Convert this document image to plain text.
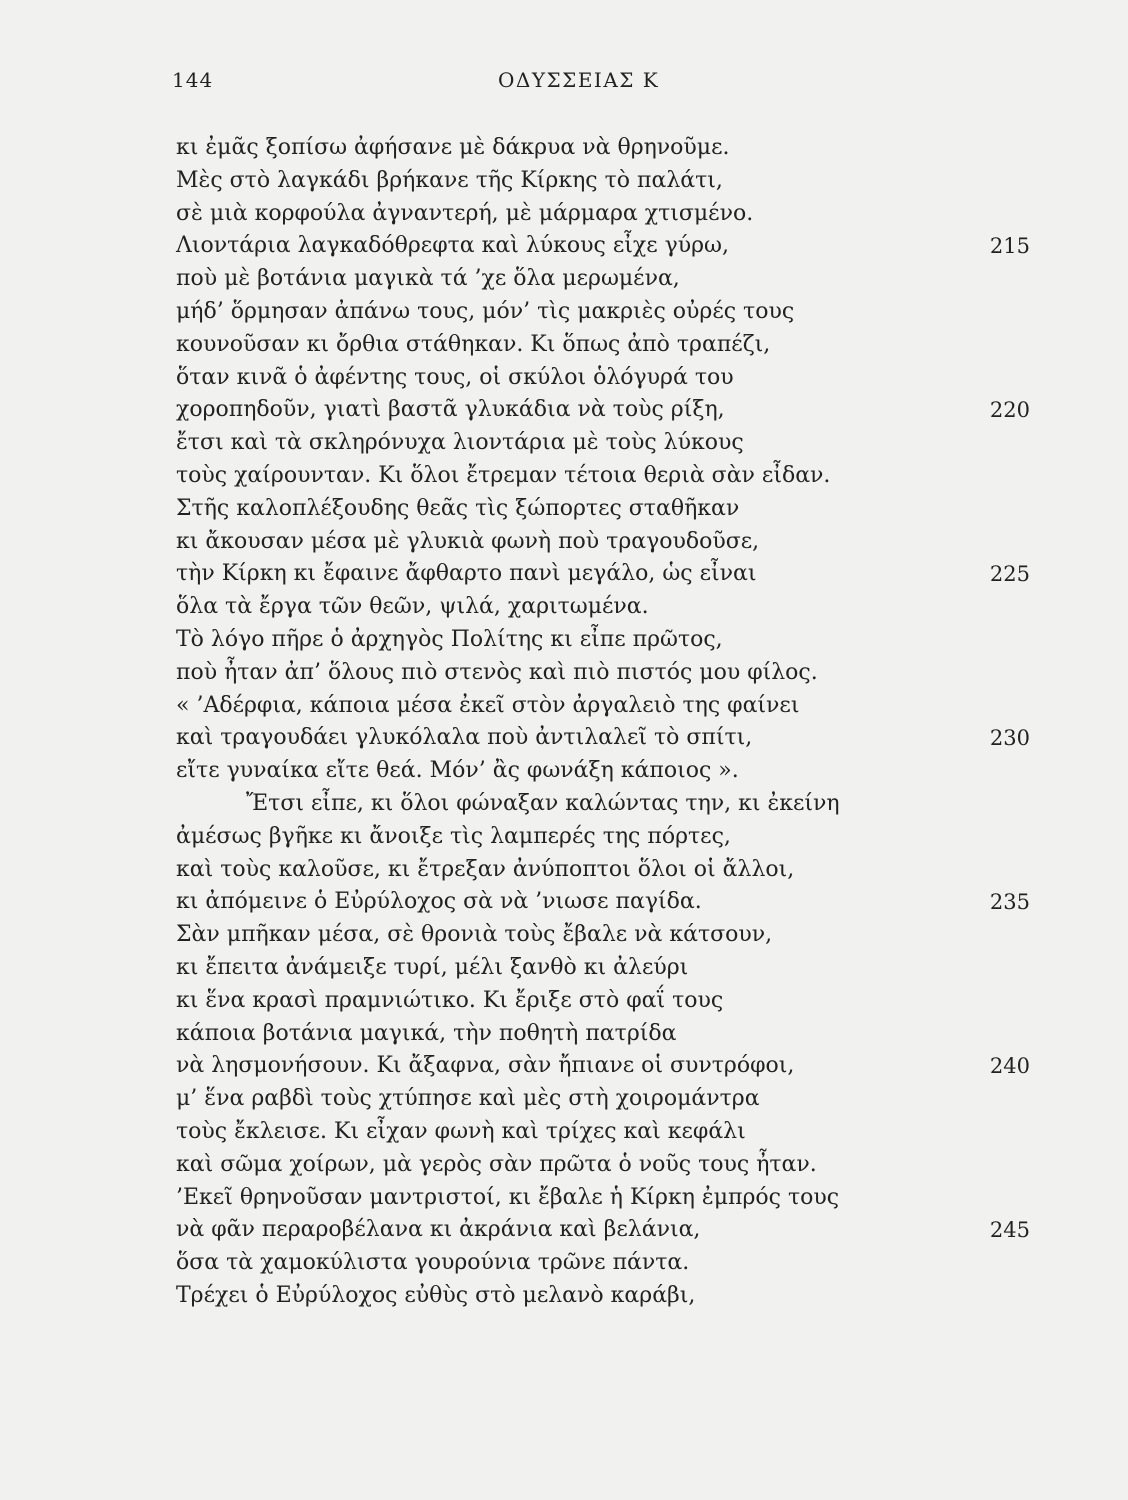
144	ΟΔΥΣΣΕΙΑΣ Κ
κι ἐμᾶς ξοπίσω ἀφήσανε μὲ δάκρυα νὰ θρηνοῦμε.
Μὲς στὸ λαγκάδι βρήκανε τῆς Κίρκης τὸ παλάτι,
σὲ μιὰ κορφούλα ἀγναντερή, μὲ μάρμαρα χτισμένο.
Λιοντάρια λαγκαδόθρεφτα καὶ λύκους εἶχε γύρω,	215
ποὺ μὲ βοτάνια μαγικὰ τά ’χε ὅλα μερωμένα,
μήδ’ ὅρμησαν ἀπάνω τους, μόν’ τὶς μακριὲς οὐρές τους
κουνοῦσαν κι ὄρθια στάθηκαν. Κι ὅπως ἀπὸ τραπέζι,
ὅταν κινᾶ ὁ ἀφέντης τους, οἱ σκύλοι ὁλόγυρά του
χοροπηδοῦν, γιατὶ βαστᾶ γλυκάδια νὰ τοὺς ρίξη,	220
ἔτσι καὶ τὰ σκληρόνυχα λιοντάρια μὲ τοὺς λύκους
τοὺς χαίρουνταν. Κι ὅλοι ἔτρεμαν τέτοια θεριὰ σὰν εἶδαν.
Στῆς καλοπλέξουδης θεᾶς τὶς ξώπορτες σταθῆκαν
κι ἄκουσαν μέσα μὲ γλυκιὰ φωνὴ ποὺ τραγουδοῦσε,
τὴν Κίρκη κι ἔφαινε ἄφθαρτο πανὶ μεγάλο, ὡς εἶναι	225
ὅλα τὰ ἔργα τῶν θεῶν, ψιλά, χαριτωμένα.
Τὸ λόγο πῆρε ὁ ἀρχηγὸς Πολίτης κι εἶπε πρῶτος,
ποὺ ἦταν ἀπ’ ὅλους πιὸ στενὸς καὶ πιὸ πιστός μου φίλος.
« ’Αδέρφια, κάποια μέσα ἐκεῖ στὸν ἀργαλειὸ της φαίνει
καὶ τραγουδάει γλυκόλαλα ποὺ ἀντιλαλεῖ τὸ σπίτι,	230
εἴτε γυναίκα εἴτε θεά. Μόν’ ἂς φωνάξη κάποιος ».
Ἔτσι εἶπε, κι ὅλοι φώναξαν καλώντας την, κι ἐκείνη
ἀμέσως βγῆκε κι ἄνοιξε τὶς λαμπερές της πόρτες,
καὶ τοὺς καλοῦσε, κι ἔτρεξαν ἀνύποπτοι ὅλοι οἱ ἄλλοι,
κι ἀπόμεινε ὁ Εὐρύλοχος σὰ νὰ ’νιωσε παγίδα.	235
Σὰν μπῆκαν μέσα, σὲ θρονιὰ τοὺς ἔβαλε νὰ κάτσουν,
κι ἔπειτα ἀνάμειξε τυρί, μέλι ξανθὸ κι ἀλεύρι
κι ἕνα κρασὶ πραμνιώτικο. Κι ἔριξε στὸ φαΐ τους
κάποια βοτάνια μαγικά, τὴν ποθητὴ πατρίδα
νὰ λησμονήσουν. Κι ἄξαφνα, σὰν ἤπιανε οἱ συντρόφοι,	240
μ’ ἕνα ραβδὶ τοὺς χτύπησε καὶ μὲς στὴ χοιρομάντρα
τοὺς ἔκλεισε. Κι εἶχαν φωνὴ καὶ τρίχες καὶ κεφάλι
καὶ σῶμα χοίρων, μὰ γερὸς σὰν πρῶτα ὁ νοῦς τους ἦταν.
’Εκεῖ θρηνοῦσαν μαντριστοί, κι ἔβαλε ἡ Κίρκη ἐμπρός τους
νὰ φᾶν περαροβέλανα κι ἀκράνια καὶ βελάνια,	245
ὅσα τὰ χαμοκύλιστα γουρούνια τρῶνε πάντα.
Τρέχει ὁ Εὐρύλοχος εὐθὺς στὸ μελανὸ καράβι,
